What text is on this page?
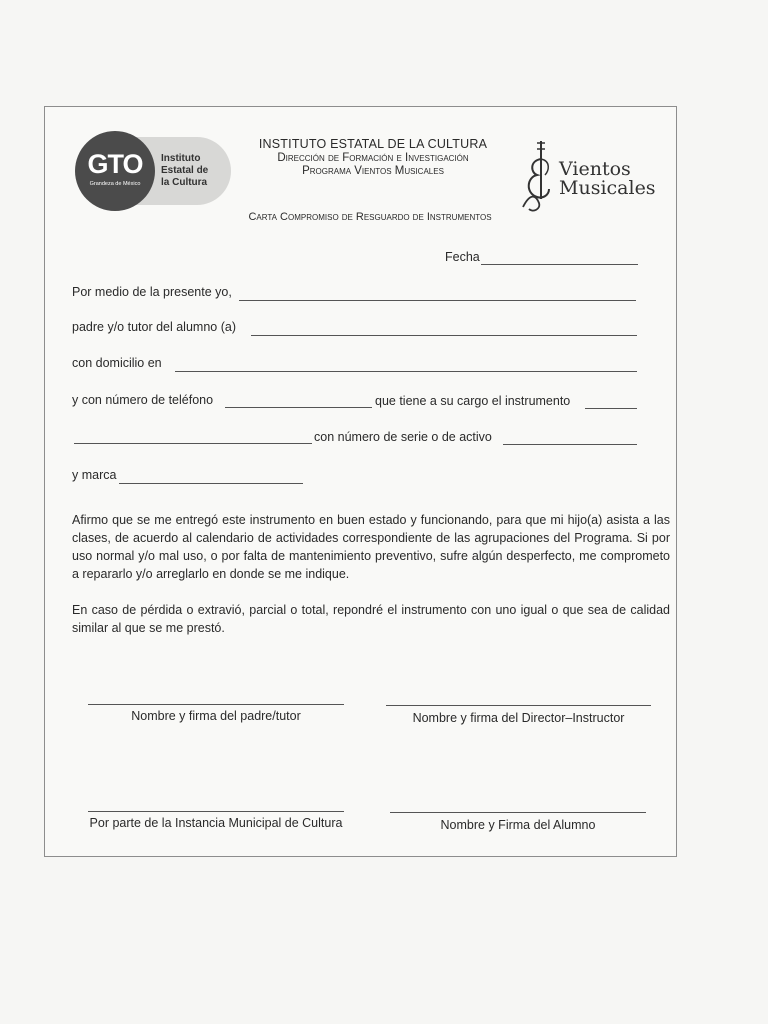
GTO
Grandeza de México
Instituto
Estatal de
la Cultura
INSTITUTO ESTATAL DE LA CULTURA
Dirección de Formación e Investigación
Programa Vientos Musicales
Carta Compromiso de Resguardo de Instrumentos
Vientos
Musicales
Fecha
Por medio de la presente yo,
padre y/o tutor del alumno (a)
con domicilio en
y con número de teléfono	que tiene a su cargo el instrumento
con número de serie o de activo
y marca
Afirmo que se me entregó este instrumento en buen estado y funcionando, para que mi hijo(a) asista a las clases, de acuerdo al calendario de actividades correspondiente de las agrupaciones del Programa. Si por uso normal y/o mal uso, o por falta de mantenimiento preventivo, sufre algún desperfecto, me comprometo a repararlo y/o arreglarlo en donde se me indique.
En caso de pérdida o extravió, parcial o total, repondré el instrumento con uno igual o que sea de calidad similar al que se me prestó.
Nombre y firma del padre/tutor	Nombre y firma del Director–Instructor
Por parte de la Instancia Municipal de Cultura	Nombre y Firma del Alumno
